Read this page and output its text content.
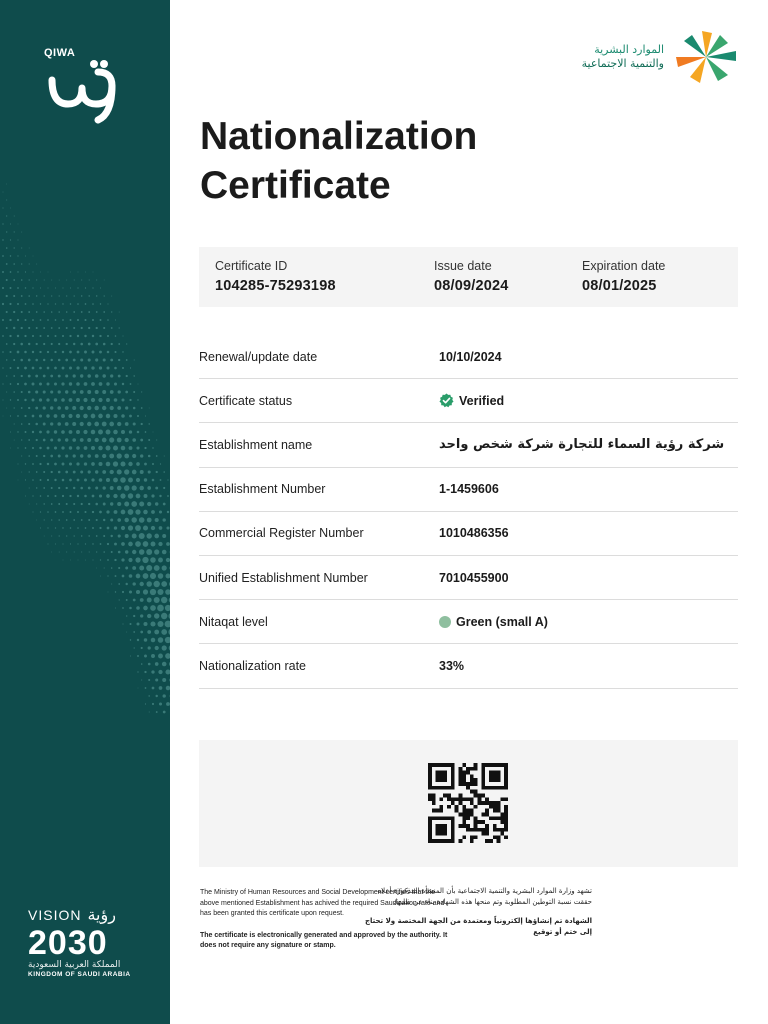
QIWA
VISION رؤية
2030
المملكة العربية السعودية
KINGDOM OF SAUDI ARABIA
الموارد البشرية
والتنمية الاجتماعية
Nationalization Certificate
Certificate ID
104285-75293198
Issue date
08/09/2024
Expiration date
08/01/2025
Renewal/update date	10/10/2024
Certificate status	Verified
Establishment name	شركة رؤية السماء للتجارة شركة شخص واحد
Establishment Number	1-1459606
Commercial Register Number	1010486356
Unified Establishment Number	7010455900
Nitaqat level	Green (small A)
Nationalization rate	33%

The Ministry of Human Resources and Social Development certifies that the above mentioned Establishment has achived the required Saudization rate and has been granted this certificate upon request.

The certificate is electronically generated and approved by the authority. It does not require any signature or stamp.

تشهد وزارة الموارد البشرية والتنمية الاجتماعية بأن المنشأة المذكورة أعلاه حققت نسبة التوطين المطلوبة وتم منحها هذه الشهادة بناء عن طلبها.

الشهادة تم إنشاؤها إلكترونياً ومعتمدة من الجهة المختصة ولا تحتاج إلى ختم أو توقيع
